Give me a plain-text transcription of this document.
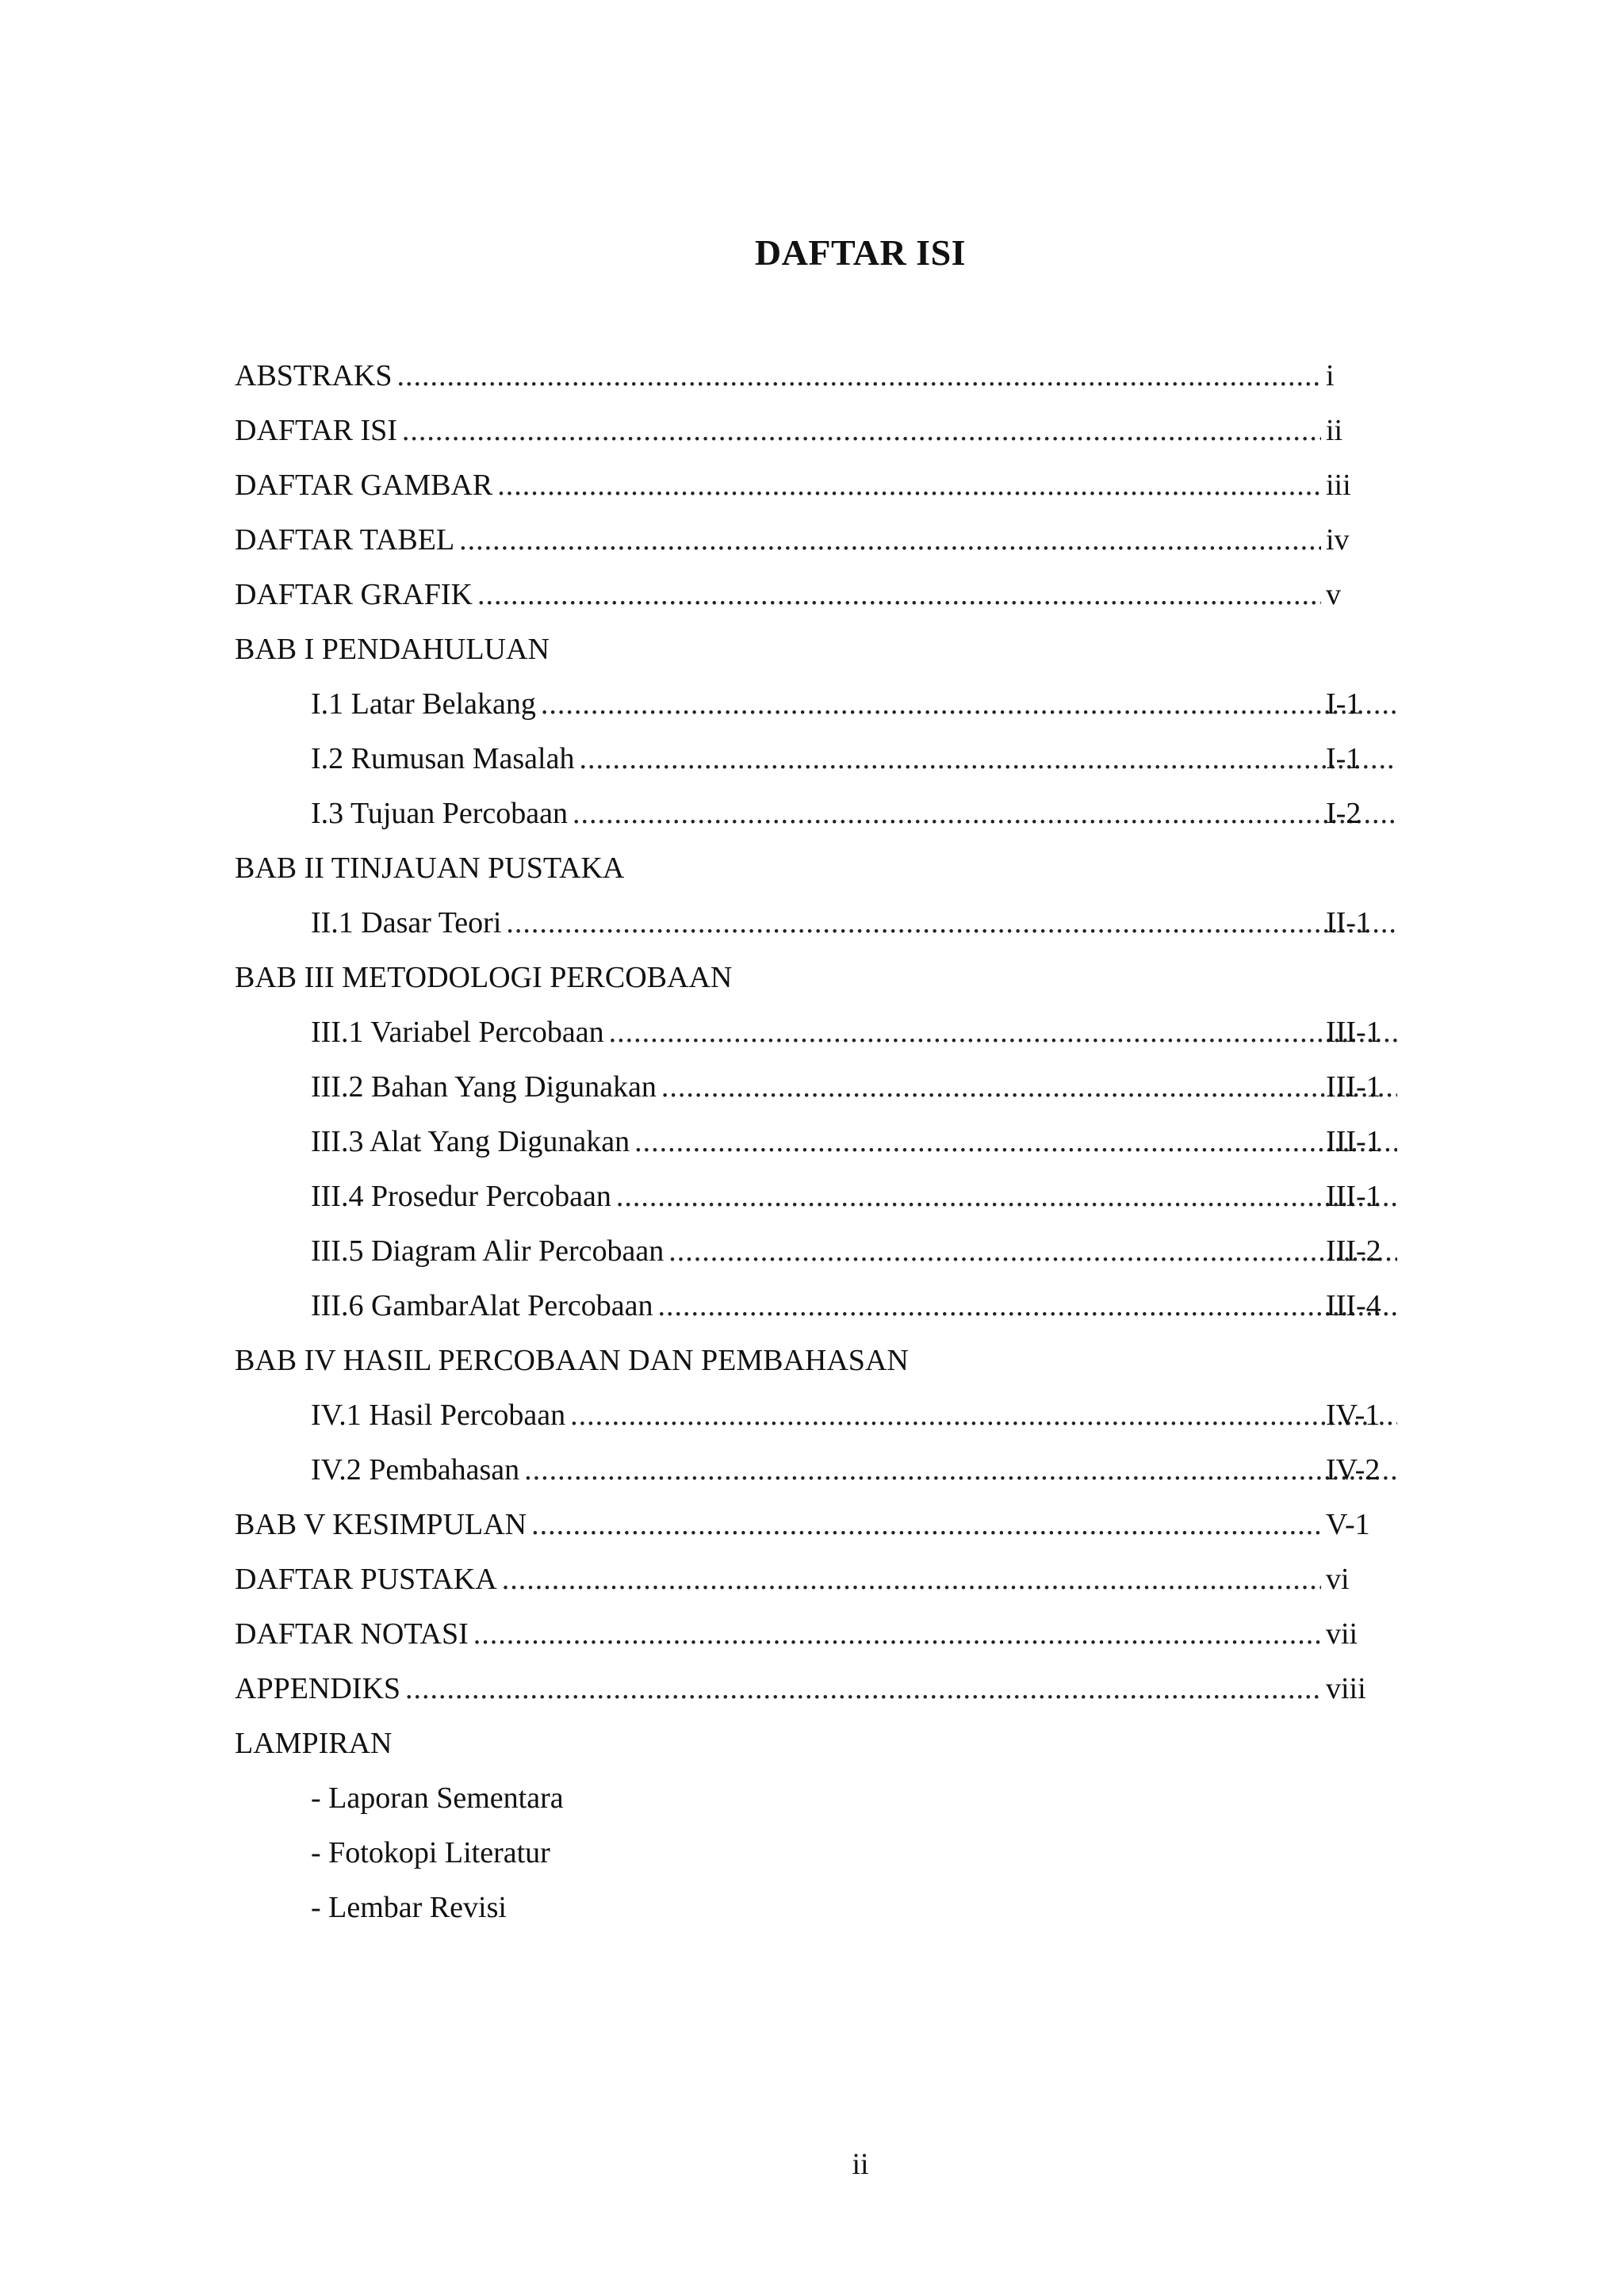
DAFTAR ISI
ABSTRAKS .....	i
DAFTAR ISI .....	ii
DAFTAR GAMBAR .....	iii
DAFTAR TABEL .....	iv
DAFTAR GRAFIK .....	v
BAB I PENDAHULUAN
I.1 Latar Belakang .....	I-1
I.2 Rumusan Masalah .....	I-1
I.3 Tujuan Percobaan .....	I-2
BAB II TINJAUAN PUSTAKA
II.1 Dasar Teori .....	II-1
BAB III METODOLOGI PERCOBAAN
III.1 Variabel Percobaan .....	III-1
III.2 Bahan Yang Digunakan .....	III-1
III.3 Alat Yang Digunakan .....	III-1
III.4 Prosedur Percobaan .....	III-1
III.5 Diagram Alir Percobaan .....	III-2
III.6 GambarAlat Percobaan .....	III-4
BAB IV HASIL PERCOBAAN DAN PEMBAHASAN
IV.1 Hasil Percobaan .....	IV-1
IV.2 Pembahasan .....	IV-2
BAB V KESIMPULAN .....	V-1
DAFTAR PUSTAKA .....	vi
DAFTAR NOTASI .....	vii
APPENDIKS .....	viii
LAMPIRAN
- Laporan Sementara
- Fotokopi Literatur
- Lembar Revisi
ii
